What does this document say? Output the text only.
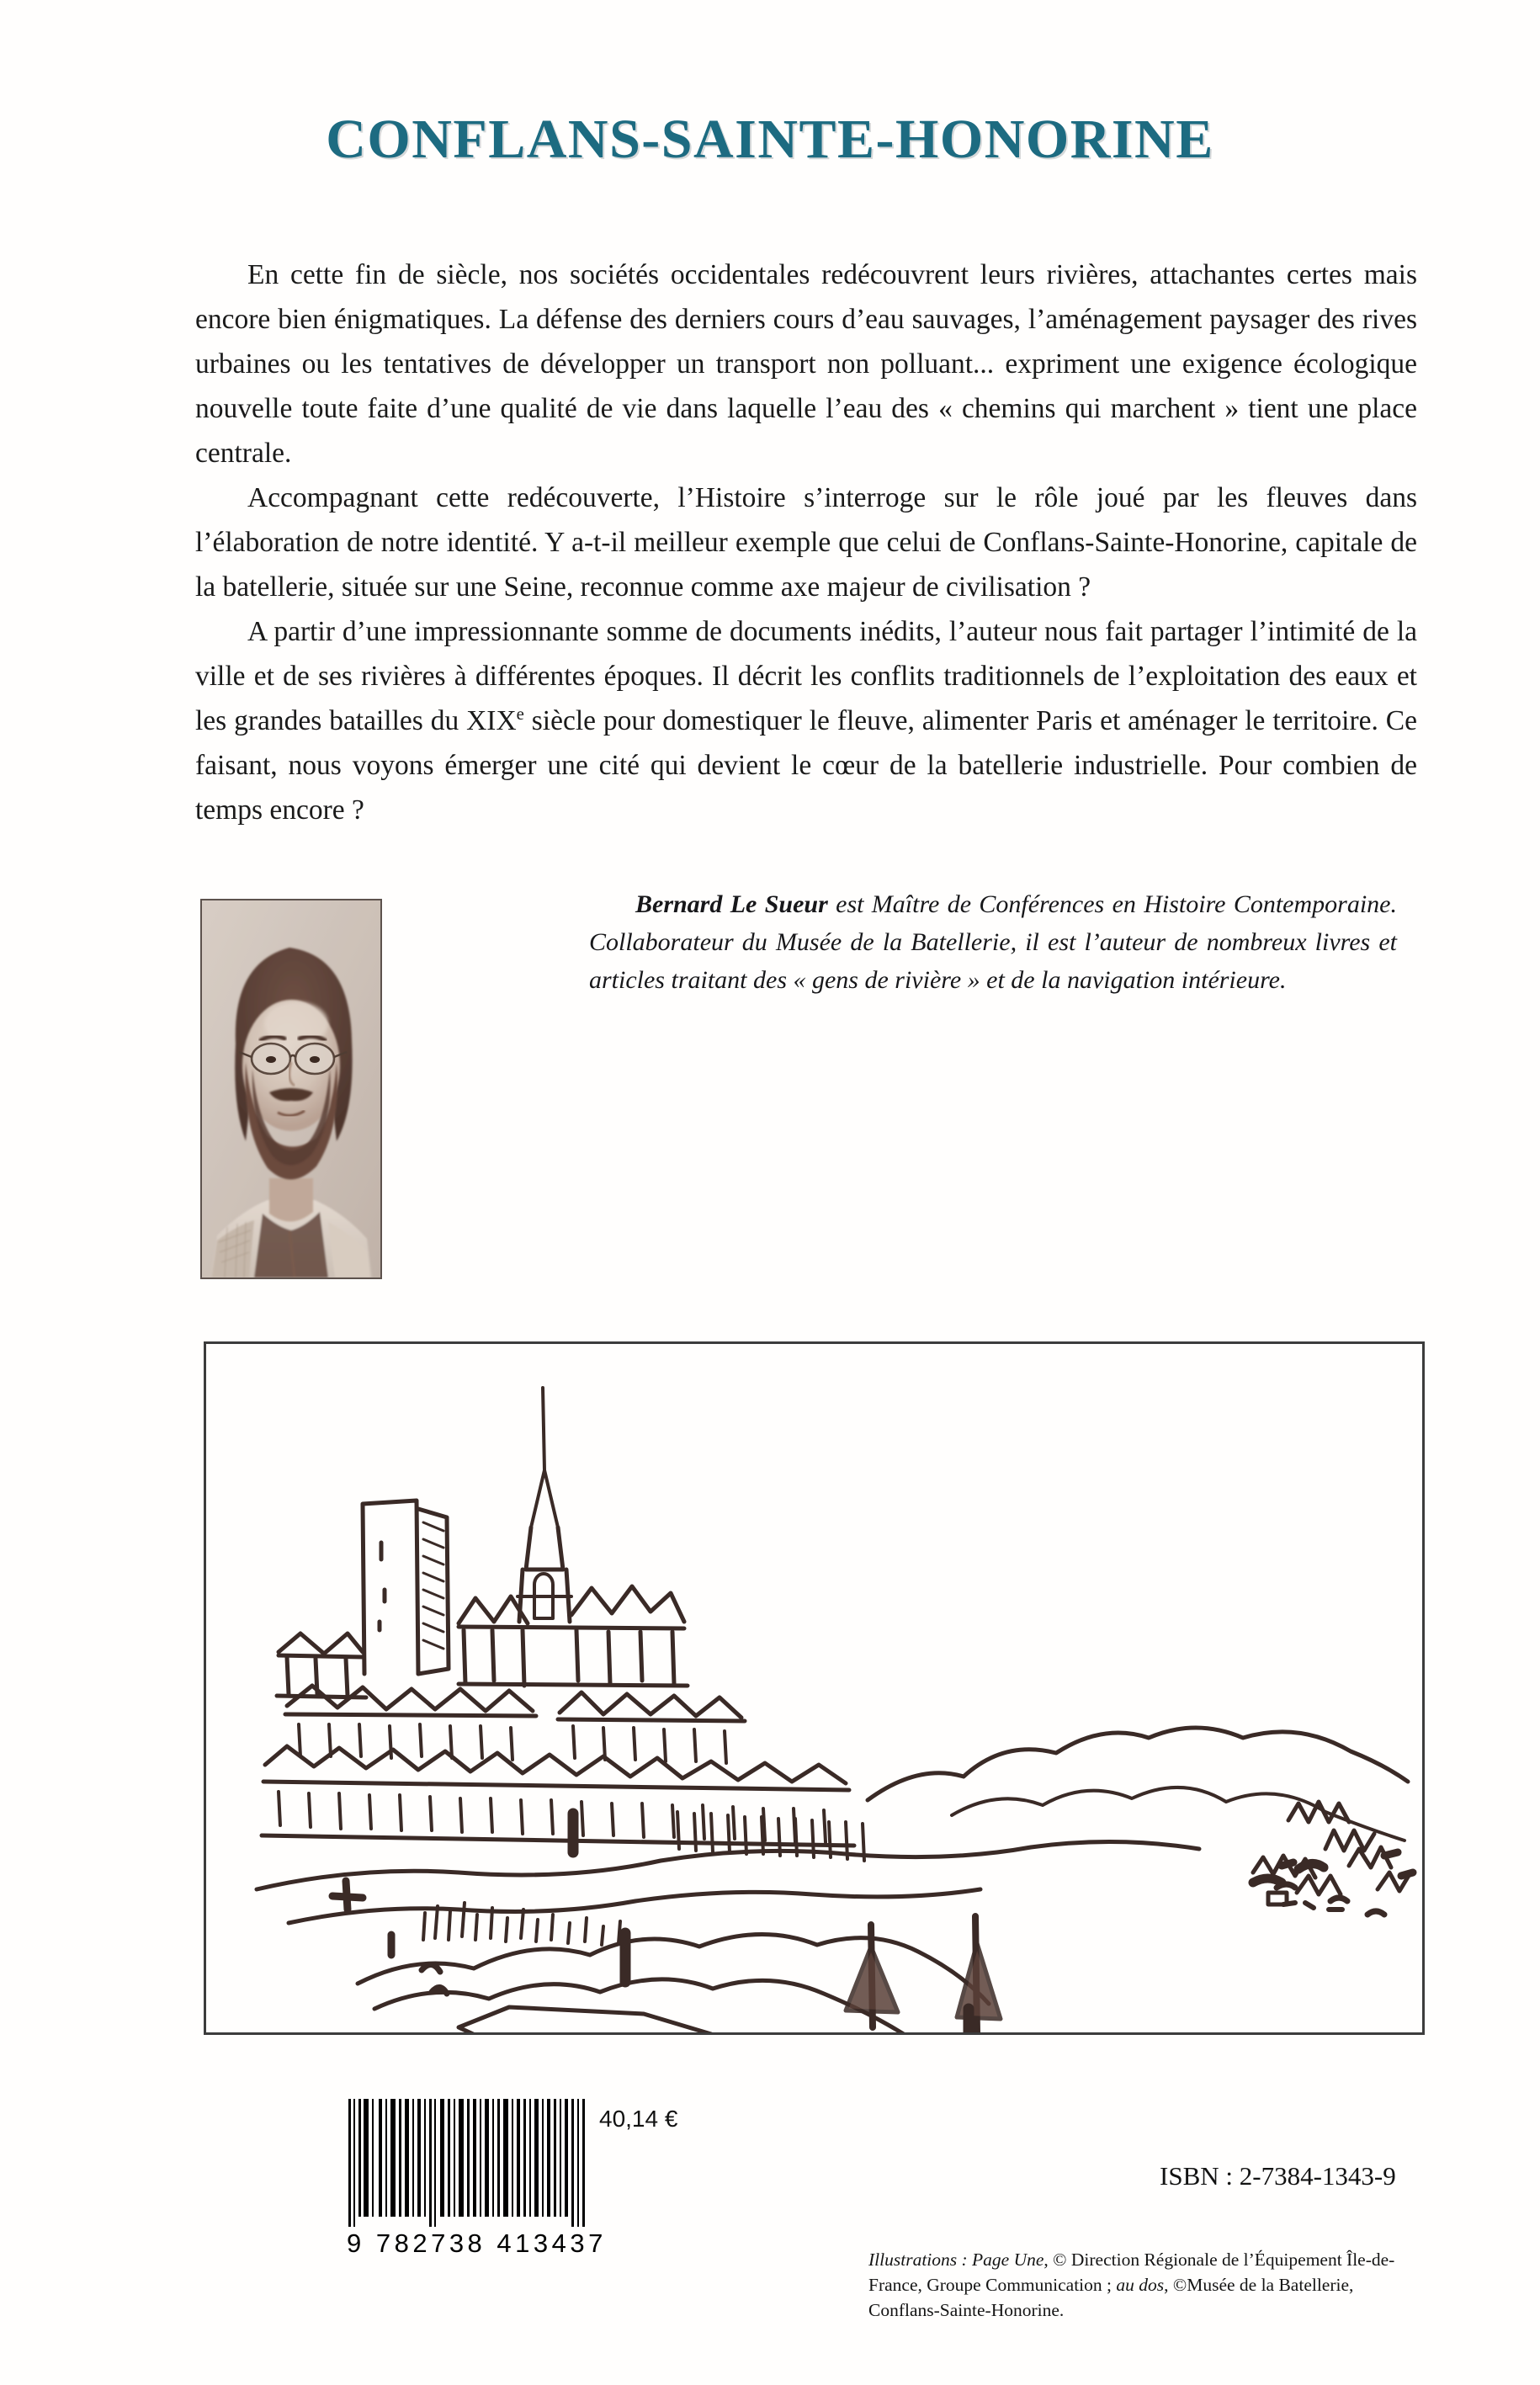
CONFLANS-SAINTE-HONORINE

En cette fin de siècle, nos sociétés occidentales redécouvrent leurs rivières, attachantes certes mais encore bien énigmatiques. La défense des derniers cours d’eau sauvages, l’aménagement paysager des rives urbaines ou les tentatives de développer un transport non polluant... expriment une exigence écologique nouvelle toute faite d’une qualité de vie dans laquelle l’eau des « chemins qui marchent » tient une place centrale.

Accompagnant cette redécouverte, l’Histoire s’interroge sur le rôle joué par les fleuves dans l’élaboration de notre identité. Y a-t-il meilleur exemple que celui de Conflans-Sainte-Honorine, capitale de la batellerie, située sur une Seine, reconnue comme axe majeur de civilisation ?

A partir d’une impressionnante somme de documents inédits, l’auteur nous fait partager l’intimité de la ville et de ses rivières à différentes époques. Il décrit les conflits traditionnels de l’exploitation des eaux et les grandes batailles du XIXe siècle pour domestiquer le fleuve, alimenter Paris et aménager le territoire. Ce faisant, nous voyons émerger une cité qui devient le cœur de la batellerie industrielle. Pour combien de temps encore ?

Bernard Le Sueur est Maître de Conférences en Histoire Contemporaine. Collaborateur du Musée de la Batellerie, il est l’auteur de nombreux livres et articles traitant des « gens de rivière » et de la navigation intérieure.

9 782738 413437
40,14 €
ISBN : 2-7384-1343-9
Illustrations : Page Une, © Direction Régionale de l’Équipement Île-de-France, Groupe Communication ; au dos, ©Musée de la Batellerie, Conflans-Sainte-Honorine.
